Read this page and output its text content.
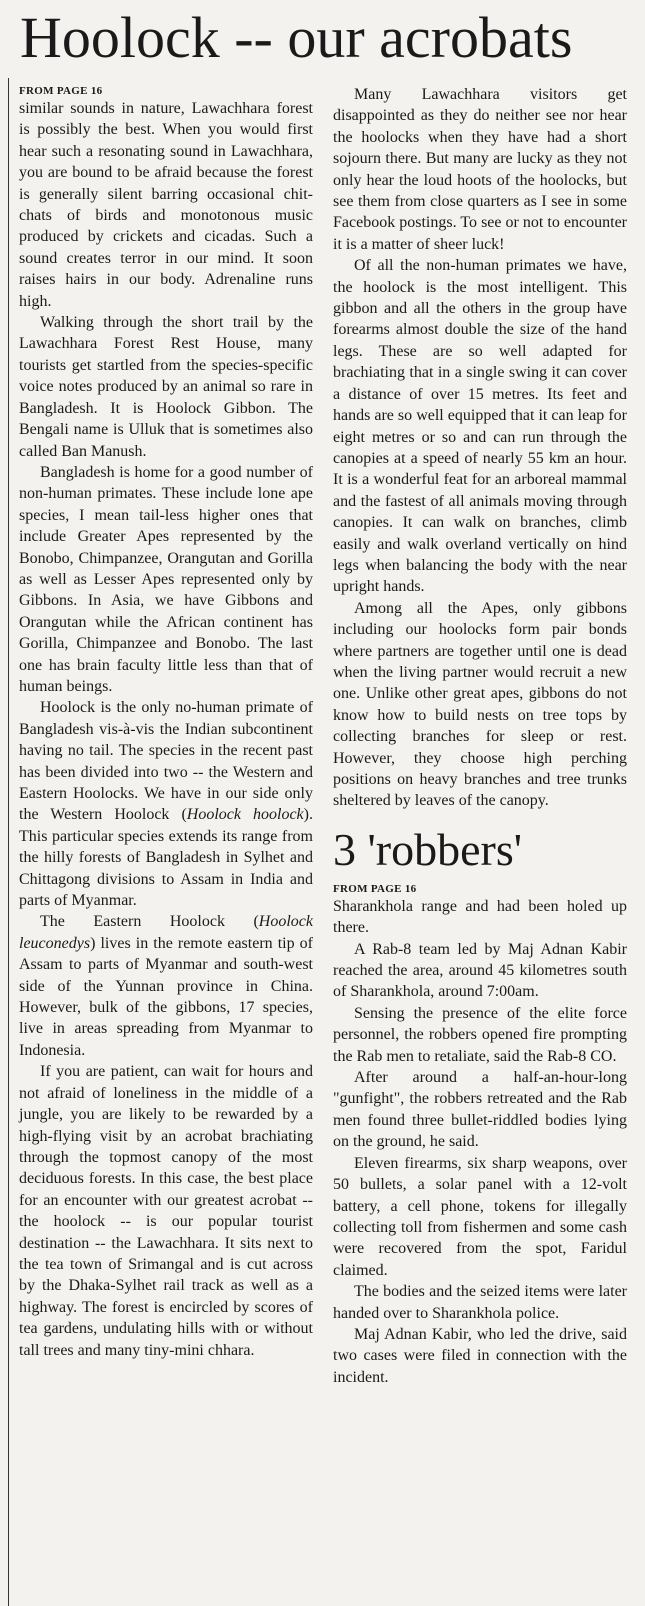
Hoolock -- our acrobats

FROM PAGE 16

similar sounds in nature, Lawachhara forest is possibly the best. When you would first hear such a resonating sound in Lawachhara, you are bound to be afraid because the forest is generally silent barring occasional chit-chats of birds and monotonous music produced by crickets and cicadas. Such a sound creates terror in our mind. It soon raises hairs in our body. Adrenaline runs high.

Walking through the short trail by the Lawachhara Forest Rest House, many tourists get startled from the species-specific voice notes produced by an animal so rare in Bangladesh. It is Hoolock Gibbon. The Bengali name is Ulluk that is sometimes also called Ban Manush.

Bangladesh is home for a good number of non-human primates. These include lone ape species, I mean tail-less higher ones that include Greater Apes represented by the Bonobo, Chimpanzee, Orangutan and Gorilla as well as Lesser Apes represented only by Gibbons. In Asia, we have Gibbons and Orangutan while the African continent has Gorilla, Chimpanzee and Bonobo. The last one has brain faculty little less than that of human beings.

Hoolock is the only no-human primate of Bangladesh vis-à-vis the Indian subcontinent having no tail. The species in the recent past has been divided into two -- the Western and Eastern Hoolocks. We have in our side only the Western Hoolock (Hoolock hoolock). This particular species extends its range from the hilly forests of Bangladesh in Sylhet and Chittagong divisions to Assam in India and parts of Myanmar.

The Eastern Hoolock (Hoolock leuconedys) lives in the remote eastern tip of Assam to parts of Myanmar and south-west side of the Yunnan province in China. However, bulk of the gibbons, 17 species, live in areas spreading from Myanmar to Indonesia.

If you are patient, can wait for hours and not afraid of loneliness in the middle of a jungle, you are likely to be rewarded by a high-flying visit by an acrobat brachiating through the topmost canopy of the most deciduous forests. In this case, the best place for an encounter with our greatest acrobat -- the hoolock -- is our popular tourist destination -- the Lawachhara. It sits next to the tea town of Srimangal and is cut across by the Dhaka-Sylhet rail track as well as a highway. The forest is encircled by scores of tea gardens, undulating hills with or without tall trees and many tiny-mini chhara.

Many Lawachhara visitors get disappointed as they do neither see nor hear the hoolocks when they have had a short sojourn there. But many are lucky as they not only hear the loud hoots of the hoolocks, but see them from close quarters as I see in some Facebook postings. To see or not to encounter it is a matter of sheer luck!

Of all the non-human primates we have, the hoolock is the most intelligent. This gibbon and all the others in the group have forearms almost double the size of the hand legs. These are so well adapted for brachiating that in a single swing it can cover a distance of over 15 metres. Its feet and hands are so well equipped that it can leap for eight metres or so and can run through the canopies at a speed of nearly 55 km an hour. It is a wonderful feat for an arboreal mammal and the fastest of all animals moving through canopies. It can walk on branches, climb easily and walk overland vertically on hind legs when balancing the body with the near upright hands.

Among all the Apes, only gibbons including our hoolocks form pair bonds where partners are together until one is dead when the living partner would recruit a new one. Unlike other great apes, gibbons do not know how to build nests on tree tops by collecting branches for sleep or rest. However, they choose high perching positions on heavy branches and tree trunks sheltered by leaves of the canopy.

3 'robbers'

FROM PAGE 16

Sharankhola range and had been holed up there.

A Rab-8 team led by Maj Adnan Kabir reached the area, around 45 kilometres south of Sharankhola, around 7:00am.

Sensing the presence of the elite force personnel, the robbers opened fire prompting the Rab men to retaliate, said the Rab-8 CO.

After around a half-an-hour-long "gunfight", the robbers retreated and the Rab men found three bullet-riddled bodies lying on the ground, he said.

Eleven firearms, six sharp weapons, over 50 bullets, a solar panel with a 12-volt battery, a cell phone, tokens for illegally collecting toll from fishermen and some cash were recovered from the spot, Faridul claimed.

The bodies and the seized items were later handed over to Sharankhola police.

Maj Adnan Kabir, who led the drive, said two cases were filed in connection with the incident.
